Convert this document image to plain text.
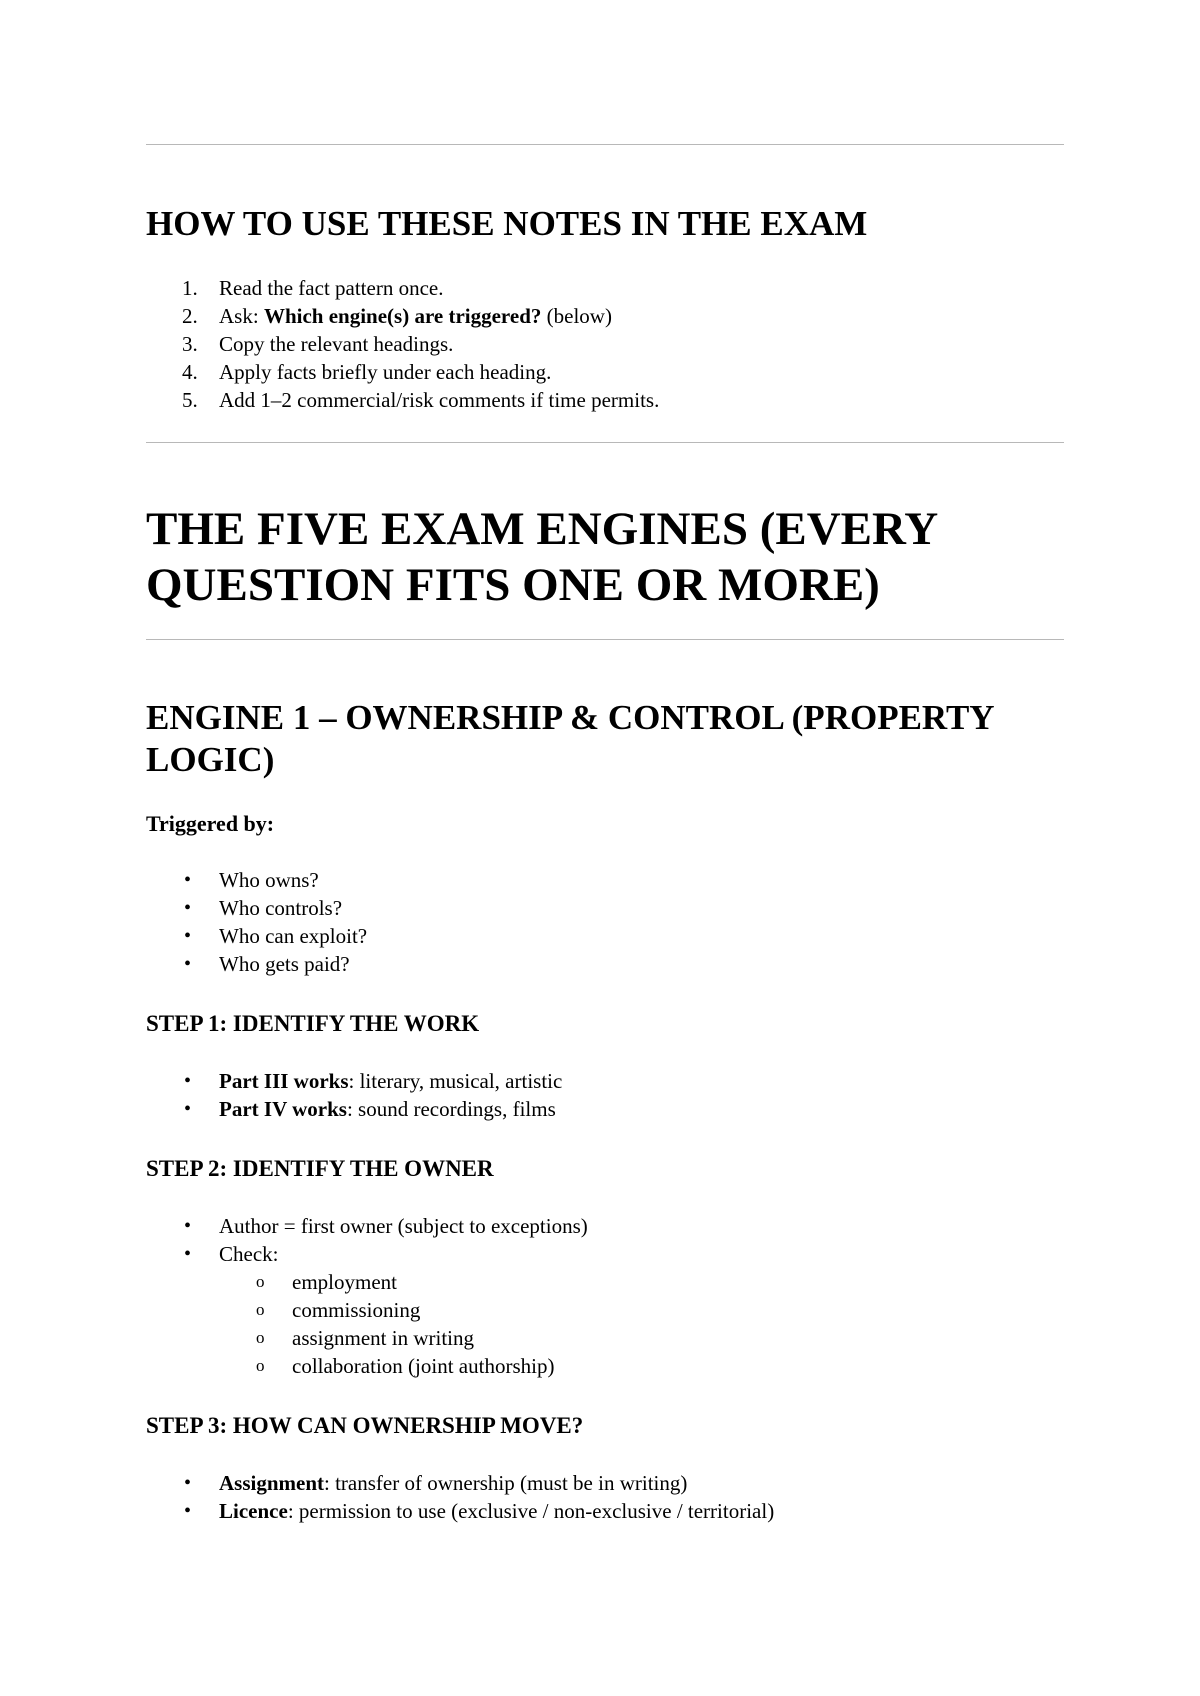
HOW TO USE THESE NOTES IN THE EXAM
1.	Read the fact pattern once.
2.	Ask: Which engine(s) are triggered? (below)
3.	Copy the relevant headings.
4.	Apply facts briefly under each heading.
5.	Add 1–2 commercial/risk comments if time permits.
THE FIVE EXAM ENGINES (EVERY QUESTION FITS ONE OR MORE)
ENGINE 1 – OWNERSHIP & CONTROL (PROPERTY LOGIC)

Triggered by:

• Who owns?
• Who controls?
• Who can exploit?
• Who gets paid?

STEP 1: IDENTIFY THE WORK

• Part III works: literary, musical, artistic
• Part IV works: sound recordings, films

STEP 2: IDENTIFY THE OWNER

• Author = first owner (subject to exceptions)
• Check:
o employment
o commissioning
o assignment in writing
o collaboration (joint authorship)

STEP 3: HOW CAN OWNERSHIP MOVE?

• Assignment: transfer of ownership (must be in writing)
• Licence: permission to use (exclusive / non-exclusive / territorial)
